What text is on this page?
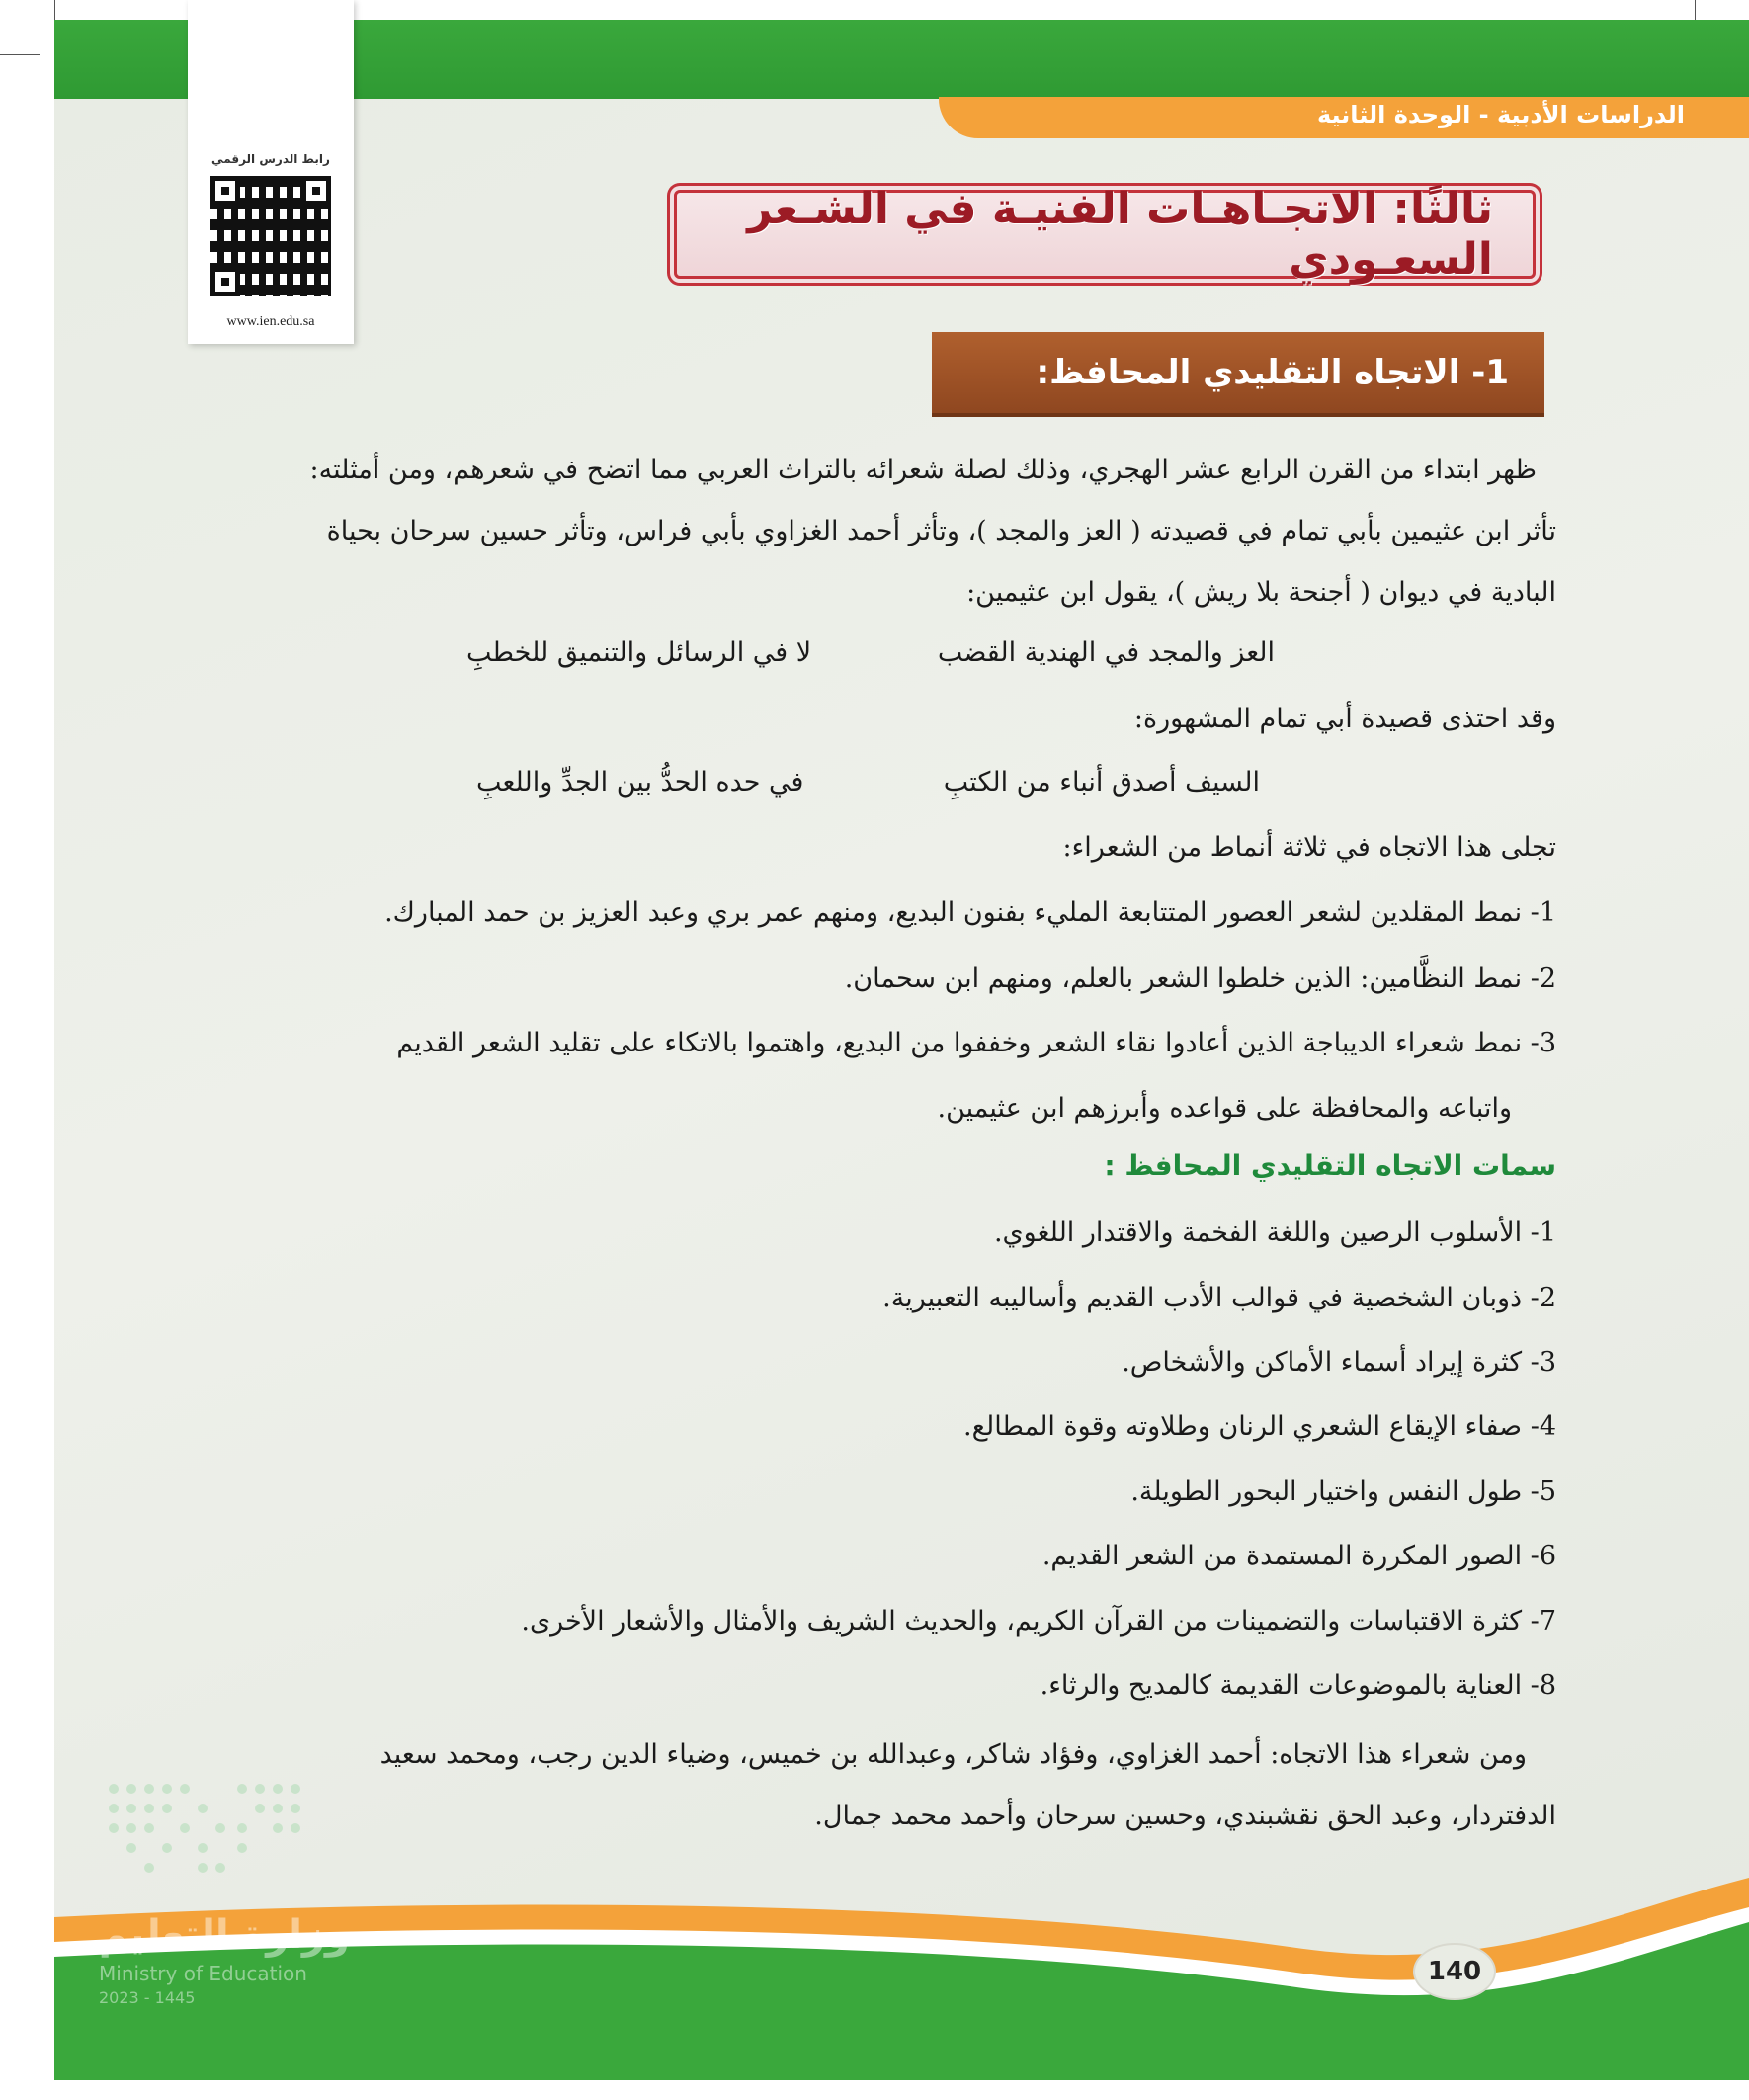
الدراسات الأدبية - الوحدة الثانية
رابط الدرس الرقمي
www.ien.edu.sa
ثالثًا: الاتجـاهـات الفنيـة في الشـعر السعـودي
1- الاتجاه التقليدي المحافظ:
ظهر ابتداء من القرن الرابع عشر الهجري، وذلك لصلة شعرائه بالتراث العربي مما اتضح في شعرهم، ومن أمثلته:
تأثر ابن عثيمين بأبي تمام في قصيدته ( العز والمجد )، وتأثر أحمد الغزاوي بأبي فراس، وتأثر حسين سرحان بحياة
البادية في ديوان ( أجنحة بلا ريش )، يقول ابن عثيمين:
العز والمجد في الهندية القضب
لا في الرسائل والتنميق للخطبِ
وقد احتذى قصيدة أبي تمام المشهورة:
السيف أصدق أنباء من الكتبِ
في حده الحدُّ بين الجدِّ واللعبِ
تجلى هذا الاتجاه في ثلاثة أنماط من الشعراء:
1- نمط المقلدين لشعر العصور المتتابعة المليء بفنون البديع، ومنهم عمر بري وعبد العزيز بن حمد المبارك.
2- نمط النظَّامين: الذين خلطوا الشعر بالعلم، ومنهم ابن سحمان.
3- نمط شعراء الديباجة الذين أعادوا نقاء الشعر وخففوا من البديع، واهتموا بالاتكاء على تقليد الشعر القديم
واتباعه والمحافظة على قواعده وأبرزهم ابن عثيمين.
سمات الاتجاه التقليدي المحافظ :
1- الأسلوب الرصين واللغة الفخمة والاقتدار اللغوي.
2- ذوبان الشخصية في قوالب الأدب القديم وأساليبه التعبيرية.
3- كثرة إيراد أسماء الأماكن والأشخاص.
4- صفاء الإيقاع الشعري الرنان وطلاوته وقوة المطالع.
5- طول النفس واختيار البحور الطويلة.
6- الصور المكررة المستمدة من الشعر القديم.
7- كثرة الاقتباسات والتضمينات من القرآن الكريم، والحديث الشريف والأمثال والأشعار الأخرى.
8- العناية بالموضوعات القديمة كالمديح والرثاء.
ومن شعراء هذا الاتجاه: أحمد الغزاوي، وفؤاد شاكر، وعبدالله بن خميس، وضياء الدين رجب، ومحمد سعيد
الدفتردار، وعبد الحق نقشبندي، وحسين سرحان وأحمد محمد جمال.
وزارة التعليم
Ministry of Education
2023 - 1445
140
